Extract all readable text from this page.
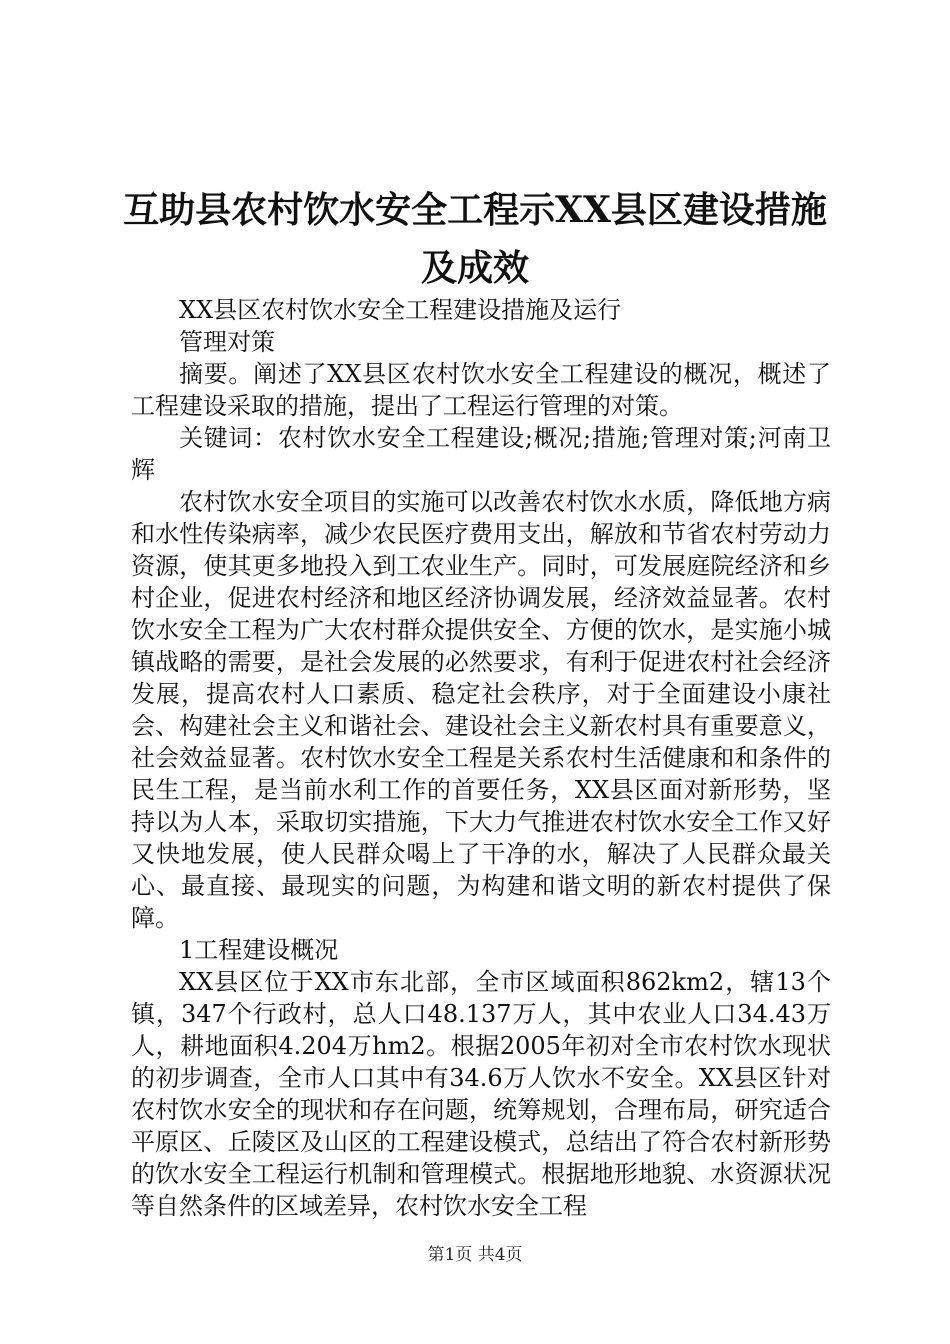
互助县农村饮水安全工程示XX县区建设措施
及成效

XX县区农村饮水安全工程建设措施及运行

管理对策

摘要。阐述了XX县区农村饮水安全工程建设的概况，概述了工程建设采取的措施，提出了工程运行管理的对策。

关键词：农村饮水安全工程建设;概况;措施;管理对策;河南卫辉

农村饮水安全项目的实施可以改善农村饮水水质，降低地方病和水性传染病率，减少农民医疗费用支出，解放和节省农村劳动力资源，使其更多地投入到工农业生产。同时，可发展庭院经济和乡村企业，促进农村经济和地区经济协调发展，经济效益显著。农村饮水安全工程为广大农村群众提供安全、方便的饮水，是实施小城镇战略的需要，是社会发展的必然要求，有利于促进农村社会经济发展，提高农村人口素质、稳定社会秩序，对于全面建设小康社会、构建社会主义和谐社会、建设社会主义新农村具有重要意义，社会效益显著。农村饮水安全工程是关系农村生活健康和和条件的民生工程，是当前水利工作的首要任务，XX县区面对新形势，坚持以为人本，采取切实措施，下大力气推进农村饮水安全工作又好又快地发展，使人民群众喝上了干净的水，解决了人民群众最关心、最直接、最现实的问题，为构建和谐文明的新农村提供了保障。

1工程建设概况

XX县区位于XX市东北部，全市区域面积862km2，辖13个镇，347个行政村，总人口48.137万人，其中农业人口34.43万人，耕地面积4.204万hm2。根据2005年初对全市农村饮水现状的初步调查，全市人口其中有34.6万人饮水不安全。XX县区针对农村饮水安全的现状和存在问题，统筹规划，合理布局，研究适合平原区、丘陵区及山区的工程建设模式，总结出了符合农村新形势的饮水安全工程运行机制和管理模式。根据地形地貌、水资源状况等自然条件的区域差异，农村饮水安全工程

第1页 共4页
